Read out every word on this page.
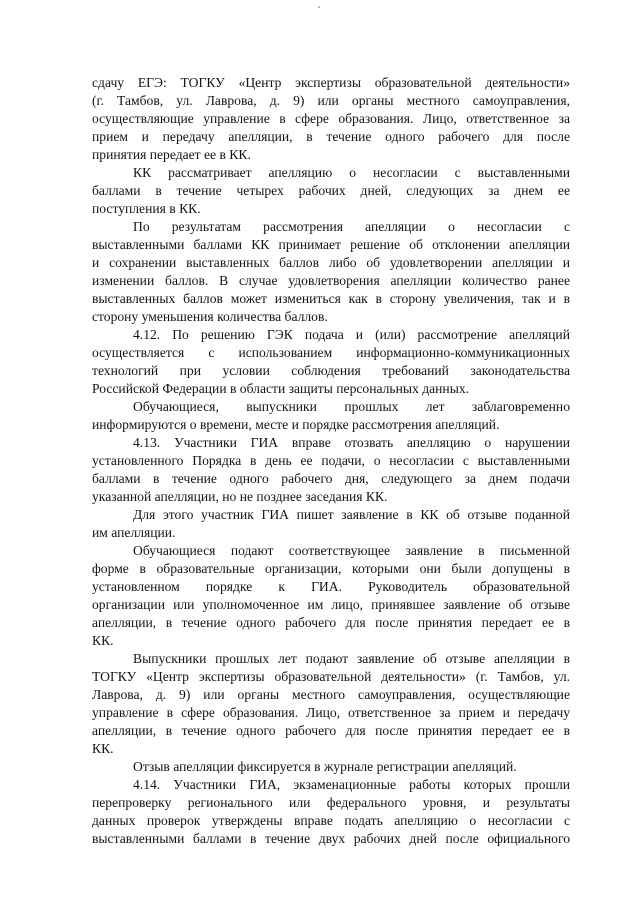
сдачу ЕГЭ: ТОГКУ «Центр экспертизы образовательной деятельности»
(г. Тамбов, ул. Лаврова, д. 9) или органы местного самоуправления,
осуществляющие управление в сфере образования. Лицо, ответственное за
прием и передачу апелляции, в течение одного рабочего для после
принятия передает ее в КК.
КК рассматривает апелляцию о несогласии с выставленными
баллами в течение четырех рабочих дней, следующих за днем ее
поступления в КК.
По результатам рассмотрения апелляции о несогласии с
выставленными баллами КК принимает решение об отклонении апелляции
и сохранении выставленных баллов либо об удовлетворении апелляции и
изменении баллов. В случае удовлетворения апелляции количество ранее
выставленных баллов может измениться как в сторону увеличения, так и в
сторону уменьшения количества баллов.
4.12. По решению ГЭК подача и (или) рассмотрение апелляций
осуществляется с использованием информационно-коммуникационных
технологий при условии соблюдения требований законодательства
Российской Федерации в области защиты персональных данных.
Обучающиеся, выпускники прошлых лет заблаговременно
информируются о времени, месте и порядке рассмотрения апелляций.
4.13. Участники ГИА вправе отозвать апелляцию о нарушении
установленного Порядка в день ее подачи, о несогласии с выставленными
баллами в течение одного рабочего дня, следующего за днем подачи
указанной апелляции, но не позднее заседания КК.
Для этого участник ГИА пишет заявление в КК об отзыве поданной
им апелляции.
Обучающиеся подают соответствующее заявление в письменной
форме в образовательные организации, которыми они были допущены в
установленном порядке к ГИА. Руководитель образовательной
организации или уполномоченное им лицо, принявшее заявление об отзыве
апелляции, в течение одного рабочего для после принятия передает ее в
КК.
Выпускники прошлых лет подают заявление об отзыве апелляции в
ТОГКУ «Центр экспертизы образовательной деятельности» (г. Тамбов, ул.
Лаврова, д. 9) или органы местного самоуправления, осуществляющие
управление в сфере образования. Лицо, ответственное за прием и передачу
апелляции, в течение одного рабочего для после принятия передает ее в
КК.
Отзыв апелляции фиксируется в журнале регистрации апелляций.
4.14. Участники ГИА, экзаменационные работы которых прошли
перепроверку регионального или федерального уровня, и результаты
данных проверок утверждены вправе подать апелляцию о несогласии с
выставленными баллами в течение двух рабочих дней после официального
